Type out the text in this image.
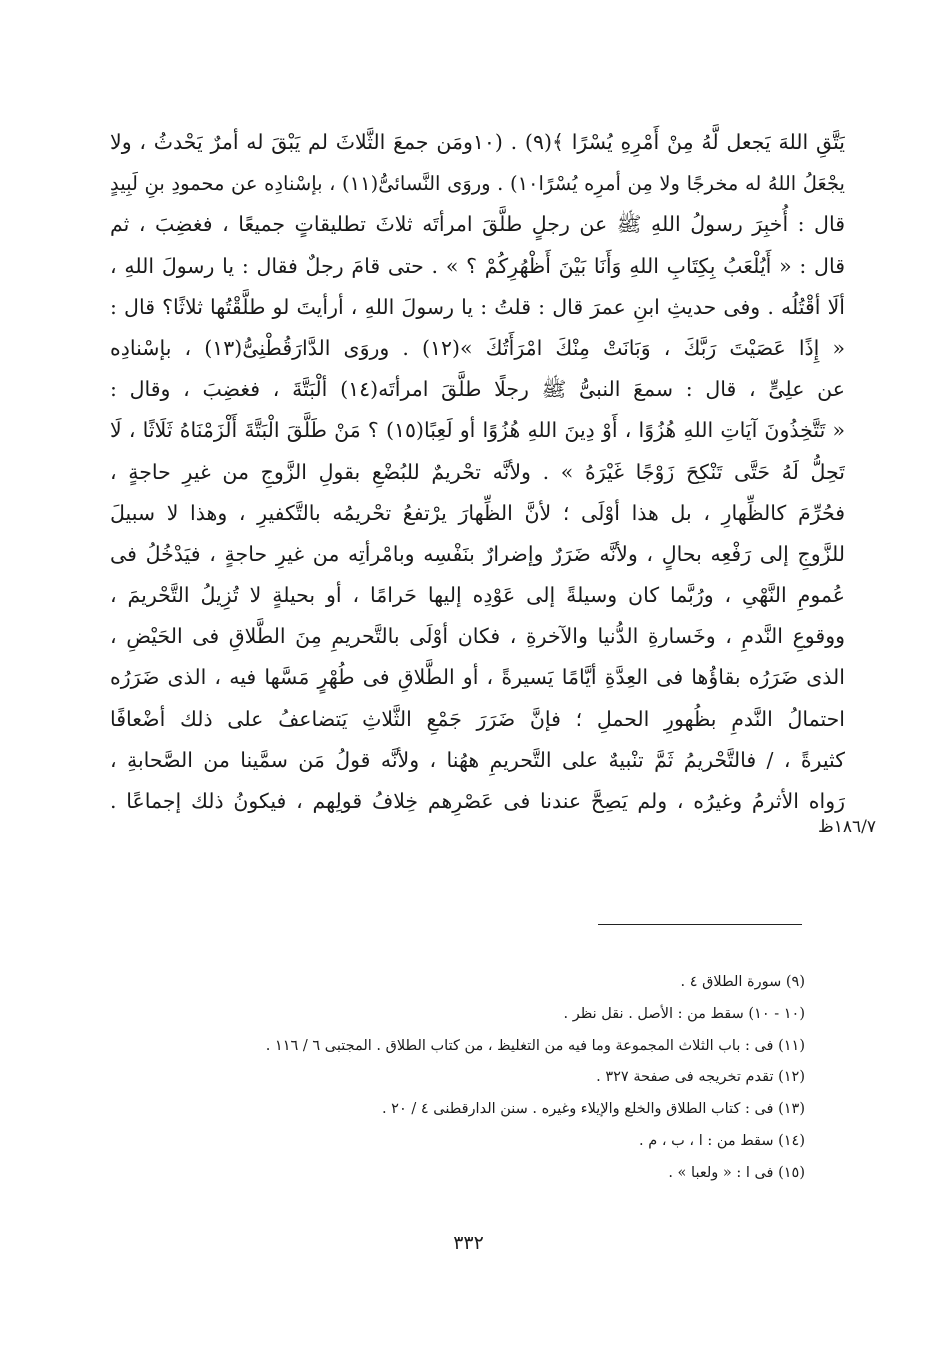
يَتَّقِ اللهَ يَجعل لَّهُ مِنْ أَمْرِهِ يُسْرًا ﴾(٩) . (١٠ومَن جمعَ الثَّلاثَ لم يَبْقَ له أمرٌ يَحْدثُ ، ولا
يجْعَلُ اللهُ له مخرجًا ولا مِن أمرِه يُسْرًا١٠) . وروَى النَّسائىُّ(١١) ، بإسْنادِه عن محمودِ بنِ لَبِيدٍ
قال : أُخبِرَ رسولُ اللهِ ﷺ عن رجلٍ طلَّقَ امرأتَه ثلاثَ تطليقاتٍ جميعًا ، فغضِبَ ، ثم
قال : « أَيُلْعَبُ بِكِتَابِ اللهِ وَأَنَا بَيْنَ أَظْهُرِكُمْ ؟ » . حتى قامَ رجلٌ فقال : يا رسولَ اللهِ ،
ألَا أقْتُلُه . وفى حديثِ ابنِ عمرَ قال : قلتُ : يا رسولَ اللهِ ، أرأيتَ لو طلَّقْتُها ثلاثًا؟ قال :
« إِذًا عَصَيْتَ رَبَّكَ ، وَبَانَتْ مِنْكَ امْرَأَتُكَ »(١٢) . وروَى الدَّارَقُطْنِىُّ(١٣) ، بإسْنادِه
عن علِىٍّ ، قال : سمعَ النبىُّ ﷺ رجلًا طلَّقَ امرأتَه(١٤) ألْبَتَّةَ ، فغضِبَ ، وقال :
« تَتَّخِذُونَ آيَاتِ اللهِ هُزُوًا ، أَوْ دِينَ اللهِ هُزُوًا أو لَعِبًا(١٥) ؟ مَنْ طَلَّقَ الْبَتَّةَ أَلْزَمْنَاهُ ثَلَاثًا ، لَا
تَحِلُّ لَهُ حَتَّى تَنْكِحَ زَوْجًا غَيْرَهُ » . ولأنَّه تحْريمٌ للبُضْعِ بقولِ الزَّوجِ من غيرِ حاجةٍ ،
فحُرِّمَ كالظِّهارِ ، بل هذا أوْلَى ؛ لأنَّ الظِّهارَ يرْتفعُ تحْريمُه بالتَّكفيرِ ، وهذا لا سبيلَ
للزَّوجِ إلى رَفْعِه بحالٍ ، ولأنَّه ضَرَرٌ وإضرارٌ بنَفْسِه وبامْرأتِه من غيرِ حاجةٍ ، فيَدْخُلُ فى
عُمومِ النَّهْىِ ، ورُبَّما كان وسيلةً إلى عَوْدِه إليها حَرامًا ، أو بحيلةٍ لا تُزِيلُ التَّحْريمَ ،
ووقوعِ النَّدمِ ، وخَسارةِ الدُّنيا والآخرةِ ، فكان أوْلَى بالتَّحريمِ مِنَ الطَّلاقِ فى الحَيْضِ ،
الذى ضَرَرُه بقاؤُها فى العِدَّةِ أيَّامًا يَسيرةً ، أو الطَّلاقِ فى طُهْرٍ مَسَّها فيه ، الذى ضَرَرُه
احتمالُ النَّدمِ بظُهورِ الحملِ ؛ فإنَّ ضَرَرَ جَمْعِ الثَّلاثِ يَتضاعفُ على ذلك أضْعافًا
كثيرةً ، / فالتَّحْريمُ ثَمَّ تنْبيهٌ على التَّحريمِ ههُنا ، ولأنَّه قولُ مَن سمَّينا من الصَّحابةِ ،
رَواه الأثرمُ وغيرُه ، ولم يَصِحَّ عندنا فى عَصْرِهم خِلافُ قولِهم ، فيكونُ ذلك إجماعًا .
١٨٦/٧ظ
(٩) سورة الطلاق ٤ .
(١٠ - ١٠) سقط من : الأصل . نقل نظر .
(١١) فى : باب الثلاث المجموعة وما فيه من التغليظ ، من كتاب الطلاق . المجتبى ٦ / ١١٦ .
(١٢) تقدم تخريجه فى صفحة ٣٢٧ .
(١٣) فى : كتاب الطلاق والخلع والإيلاء وغيره . سنن الدارقطنى ٤ / ٢٠ .
(١٤) سقط من : ا ، ب ، م .
(١٥) فى ا : « ولعبا » .
٣٣٢
